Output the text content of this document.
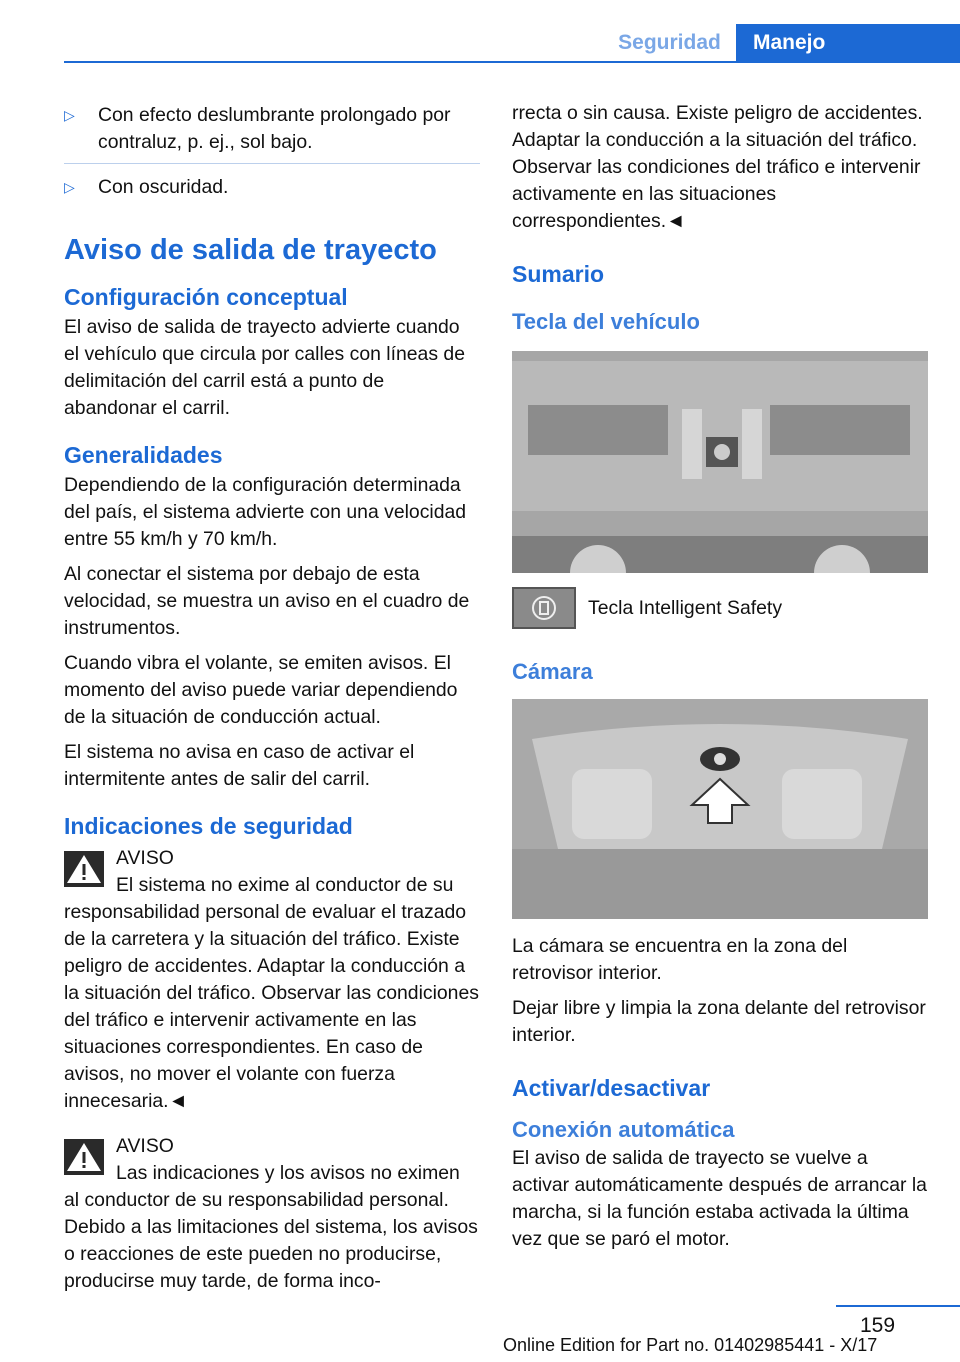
Seguridad	Manejo
▷	Con efecto deslumbrante prolongado por contraluz, p. ej., sol bajo.
▷	Con oscuridad.
Aviso de salida de trayecto
Configuración conceptual

El aviso de salida de trayecto advierte cuando el vehículo que circula por calles con líneas de delimitación del carril está a punto de abandonar el carril.

Generalidades

Dependiendo de la configuración determinada del país, el sistema advierte con una velocidad entre 55 km/h y 70 km/h.

Al conectar el sistema por debajo de esta velocidad, se muestra un aviso en el cuadro de instrumentos.

Cuando vibra el volante, se emiten avisos. El momento del aviso puede variar dependiendo de la situación de conducción actual.

El sistema no avisa en caso de activar el intermitente antes de salir del carril.

Indicaciones de seguridad
AVISO

El sistema no exime al conductor de su responsabilidad personal de evaluar el trazado de la carretera y la situación del tráfico. Existe peligro de accidentes. Adaptar la conducción a la situación del tráfico. Observar las condiciones del tráfico e intervenir activamente en las situaciones correspondientes. En caso de avisos, no mover el volante con fuerza innecesaria.◄

AVISO

Las indicaciones y los avisos no eximen al conductor de su responsabilidad personal. Debido a las limitaciones del sistema, los avisos o reacciones de este pueden no producirse, producirse muy tarde, de forma inco-

rrecta o sin causa. Existe peligro de accidentes. Adaptar la conducción a la situación del tráfico. Observar las condiciones del tráfico e intervenir activamente en las situaciones correspondientes.◄

Sumario
Tecla del vehículo
Tecla Intelligent Safety
Cámara

La cámara se encuentra en la zona del retrovisor interior.

Dejar libre y limpia la zona delante del retrovisor interior.

Activar/desactivar
Conexión automática

El aviso de salida de trayecto se vuelve a activar automáticamente después de arrancar la marcha, si la función estaba activada la última vez que se paró el motor.

159
Online Edition for Part no. 01402985441 - X/17
